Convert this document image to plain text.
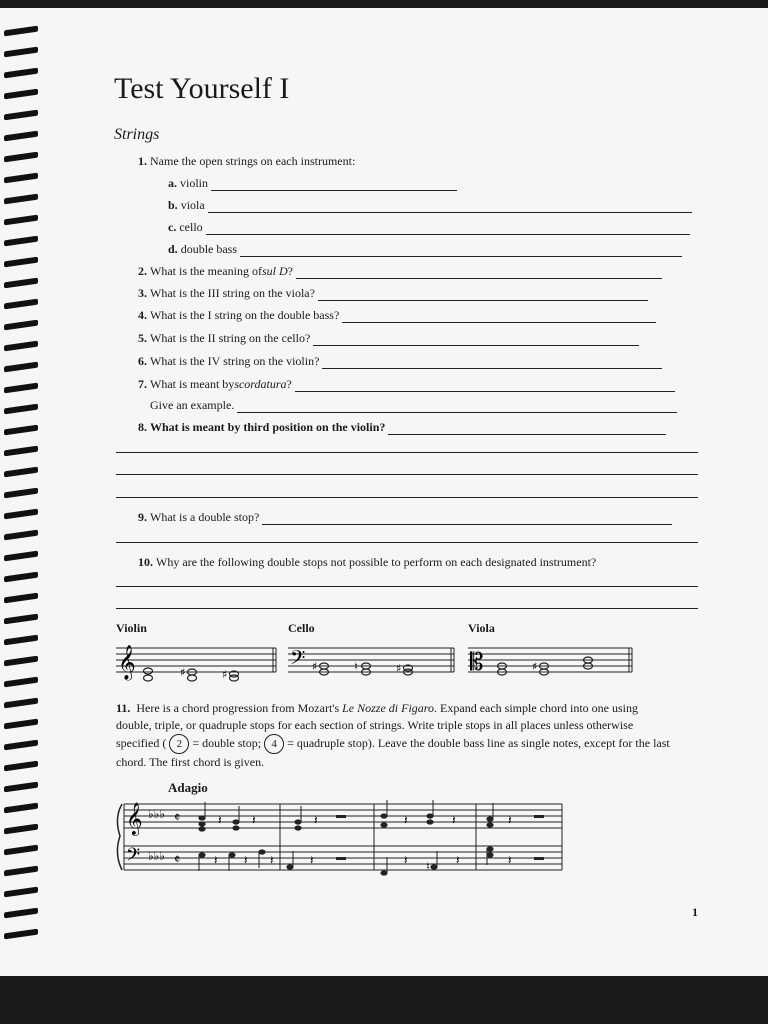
Test Yourself I
Strings
1.
Name the open strings on each instrument:
a.
violin
b.
viola
c.
cello
d.
double bass
2.
What is the meaning of sul D ?
3.
What is the III string on the viola?
4.
What is the I string on the double bass?
5.
What is the II string on the cello?
6.
What is the IV string on the violin?
7.
What is meant by scordatura ?
Give an example.
8.
What is meant by third position on the violin?
9.
What is a double stop?
10.
Why are the following double stops not possible to perform on each designated instrument?
Violin	Cello	Viola
𝄞	𝄢	𝄡
♯	♯
♯	♮	♯	♯
11. Here is a chord progression from Mozart's Le Nozze di Figaro. Expand each simple chord into one using double, triple, or quadruple stops for each section of strings. Write triple stops in all places unless otherwise specified ( 2 = double stop; 4 = quadruple stop). Leave the double bass line as single notes, except for the last chord. The first chord is given.
Adagio
𝄞
𝄢
♭♭♭
♭♭♭
𝄵
𝄵
𝄽	𝄽	𝄽	𝄽	𝄽	𝄽
𝄽 𝄽 𝄽	𝄽	𝄽 ♮ 𝄽	𝄽
1
